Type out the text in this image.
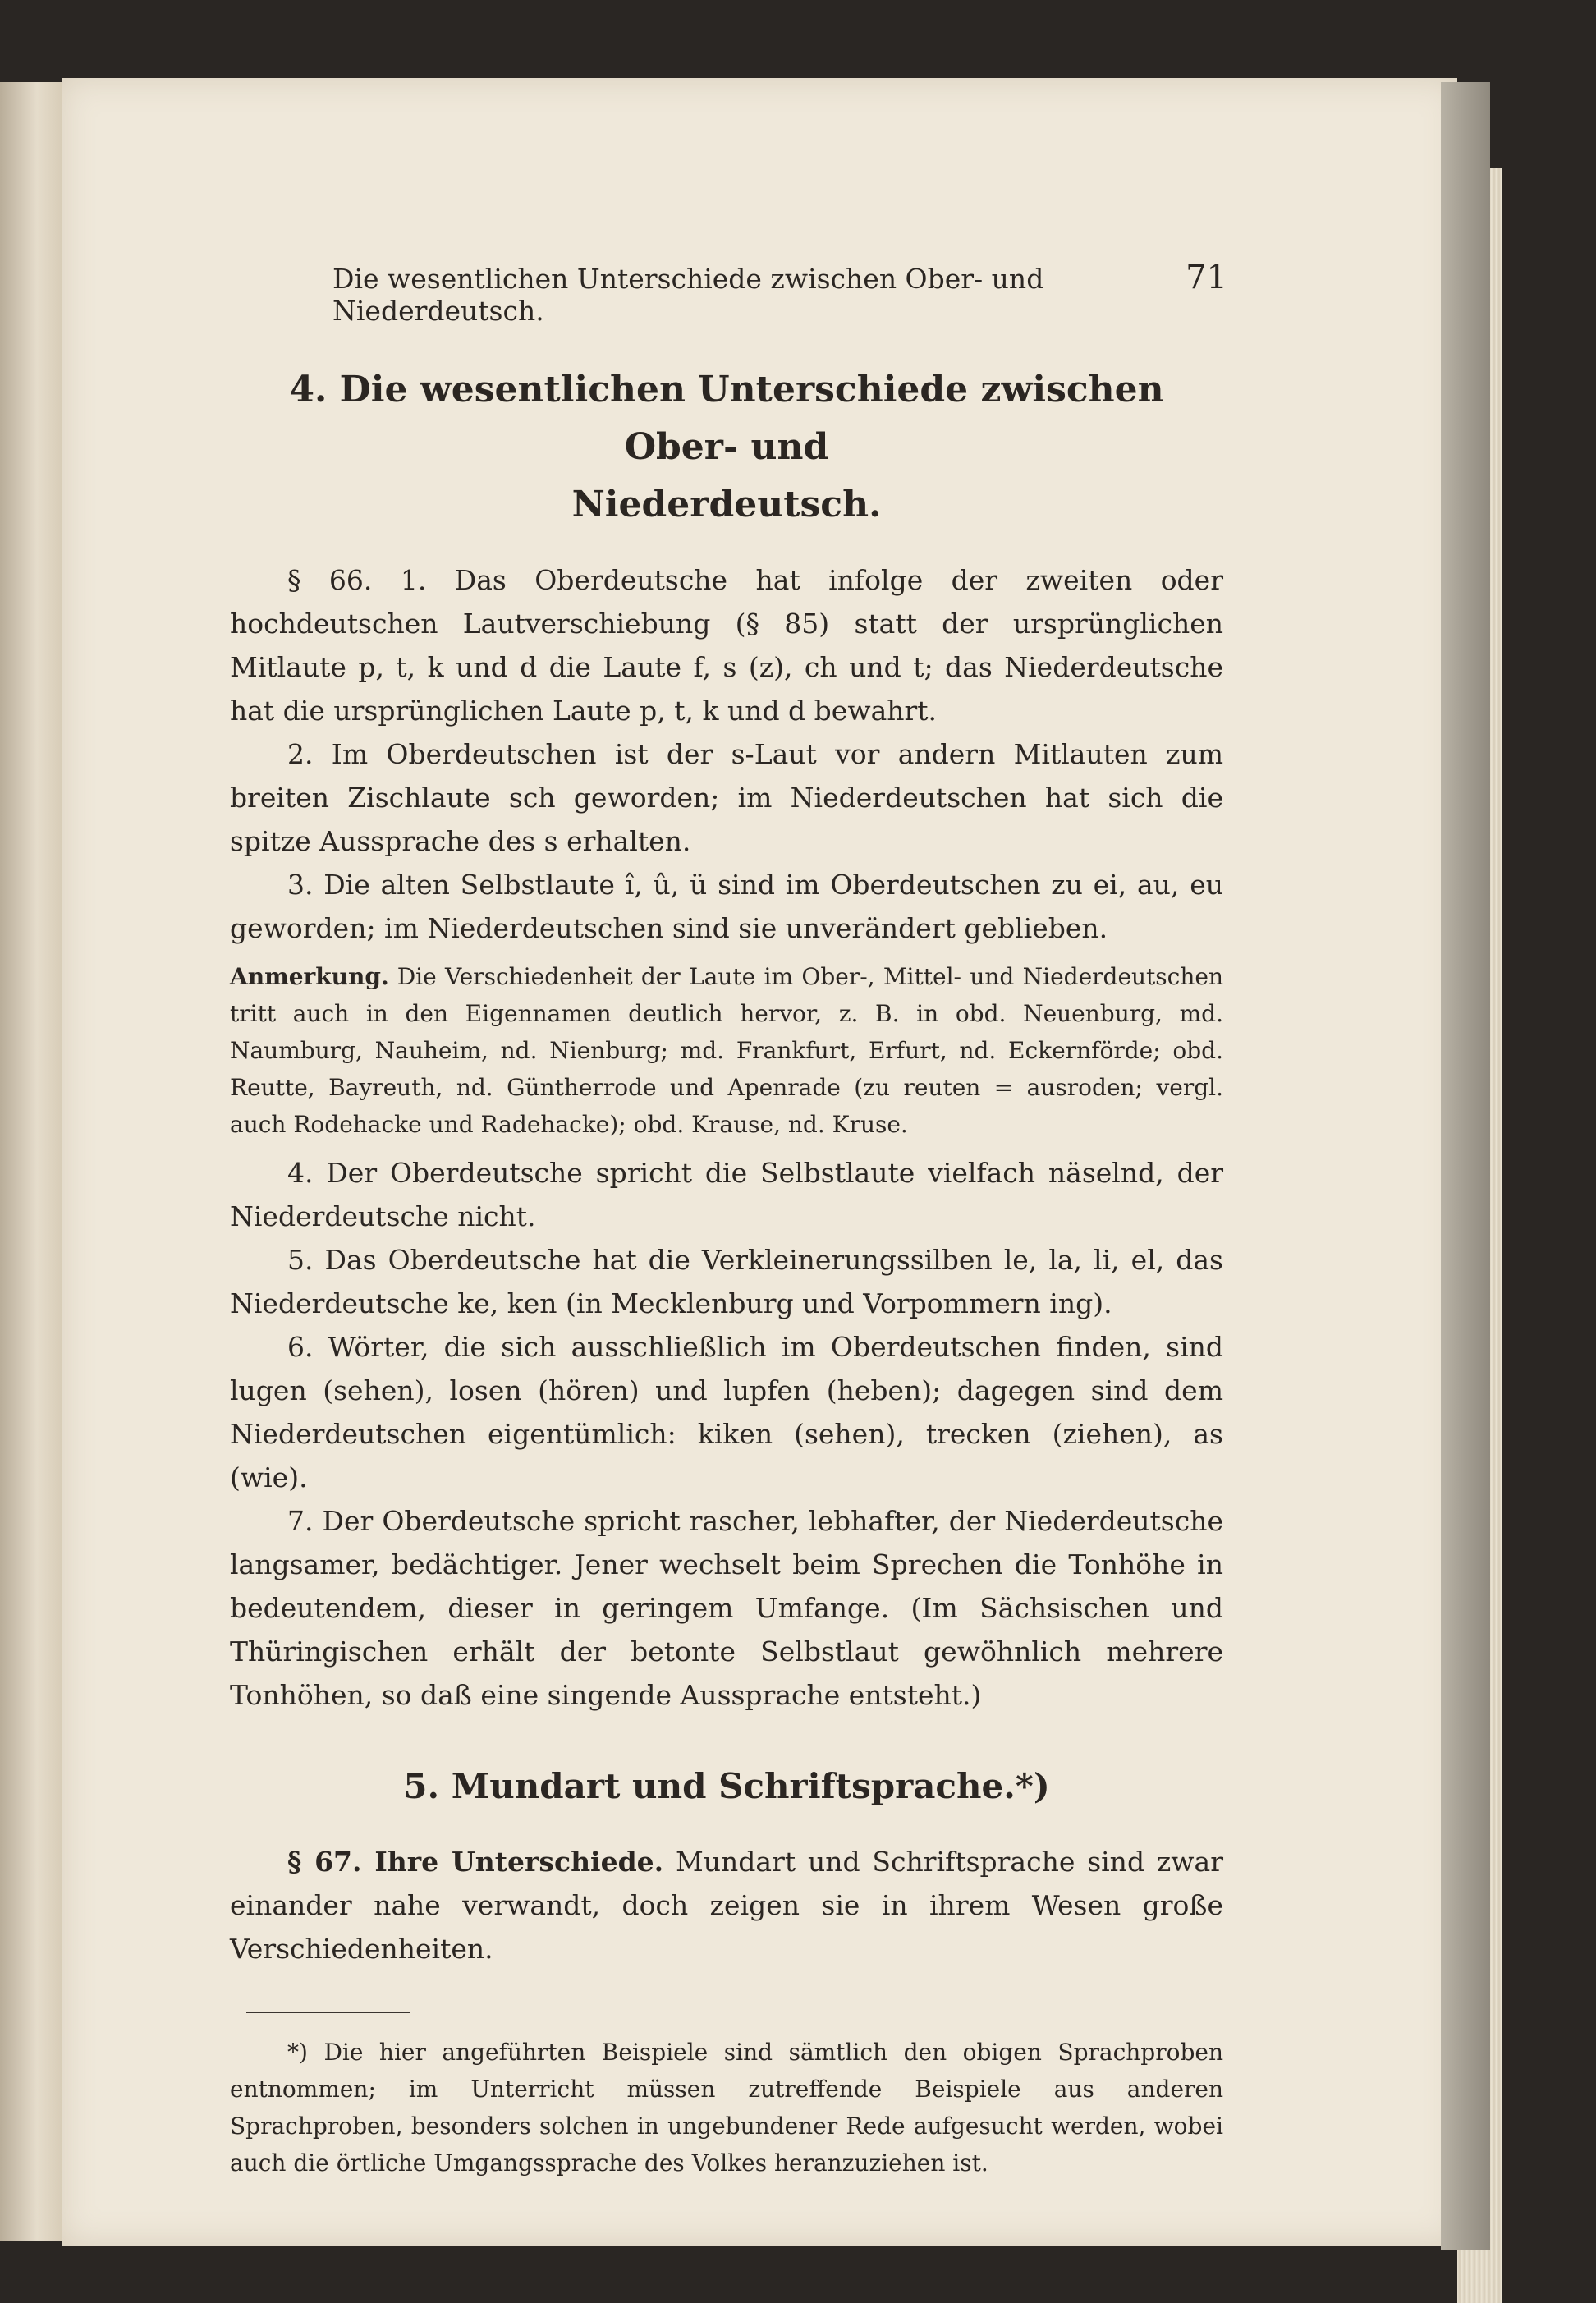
Die wesentlichen Unterschiede zwischen Ober- und Niederdeutsch.
71
4. Die wesentlichen Unterschiede zwischen Ober- und
Niederdeutsch.

§ 66. 1. Das Oberdeutsche hat infolge der zweiten oder hochdeutschen Lautverschiebung (§ 85) statt der ursprünglichen Mitlaute p, t, k und d die Laute f, s (z), ch und t; das Niederdeutsche hat die ursprünglichen Laute p, t, k und d bewahrt.

2. Im Oberdeutschen ist der s-Laut vor andern Mitlauten zum breiten Zischlaute sch geworden; im Niederdeutschen hat sich die spitze Aussprache des s erhalten.

3. Die alten Selbstlaute î, û, ü sind im Oberdeutschen zu ei, au, eu geworden; im Niederdeutschen sind sie unverändert geblieben.

Anmerkung. Die Verschiedenheit der Laute im Ober-, Mittel- und Niederdeutschen tritt auch in den Eigennamen deutlich hervor, z. B. in obd. Neuenburg, md. Naumburg, Nauheim, nd. Nienburg; md. Frankfurt, Erfurt, nd. Eckernförde; obd. Reutte, Bayreuth, nd. Güntherrode und Apenrade (zu reuten = ausroden; vergl. auch Rodehacke und Radehacke); obd. Krause, nd. Kruse.

4. Der Oberdeutsche spricht die Selbstlaute vielfach näselnd, der Niederdeutsche nicht.

5. Das Oberdeutsche hat die Verkleinerungssilben le, la, li, el, das Niederdeutsche ke, ken (in Mecklenburg und Vorpommern ing).

6. Wörter, die sich ausschließlich im Oberdeutschen finden, sind lugen (sehen), losen (hören) und lupfen (heben); dagegen sind dem Niederdeutschen eigentümlich: kiken (sehen), trecken (ziehen), as (wie).

7. Der Oberdeutsche spricht rascher, lebhafter, der Niederdeutsche langsamer, bedächtiger. Jener wechselt beim Sprechen die Tonhöhe in bedeutendem, dieser in geringem Umfange. (Im Sächsischen und Thüringischen erhält der betonte Selbstlaut gewöhnlich mehrere Tonhöhen, so daß eine singende Aussprache entsteht.)

5. Mundart und Schriftsprache.*)

§ 67. Ihre Unterschiede. Mundart und Schriftsprache sind zwar einander nahe verwandt, doch zeigen sie in ihrem Wesen große Verschiedenheiten.

*) Die hier angeführten Beispiele sind sämtlich den obigen Sprachproben entnommen; im Unterricht müssen zutreffende Beispiele aus anderen Sprachproben, besonders solchen in ungebundener Rede aufgesucht werden, wobei auch die örtliche Umgangssprache des Volkes heranzuziehen ist.
